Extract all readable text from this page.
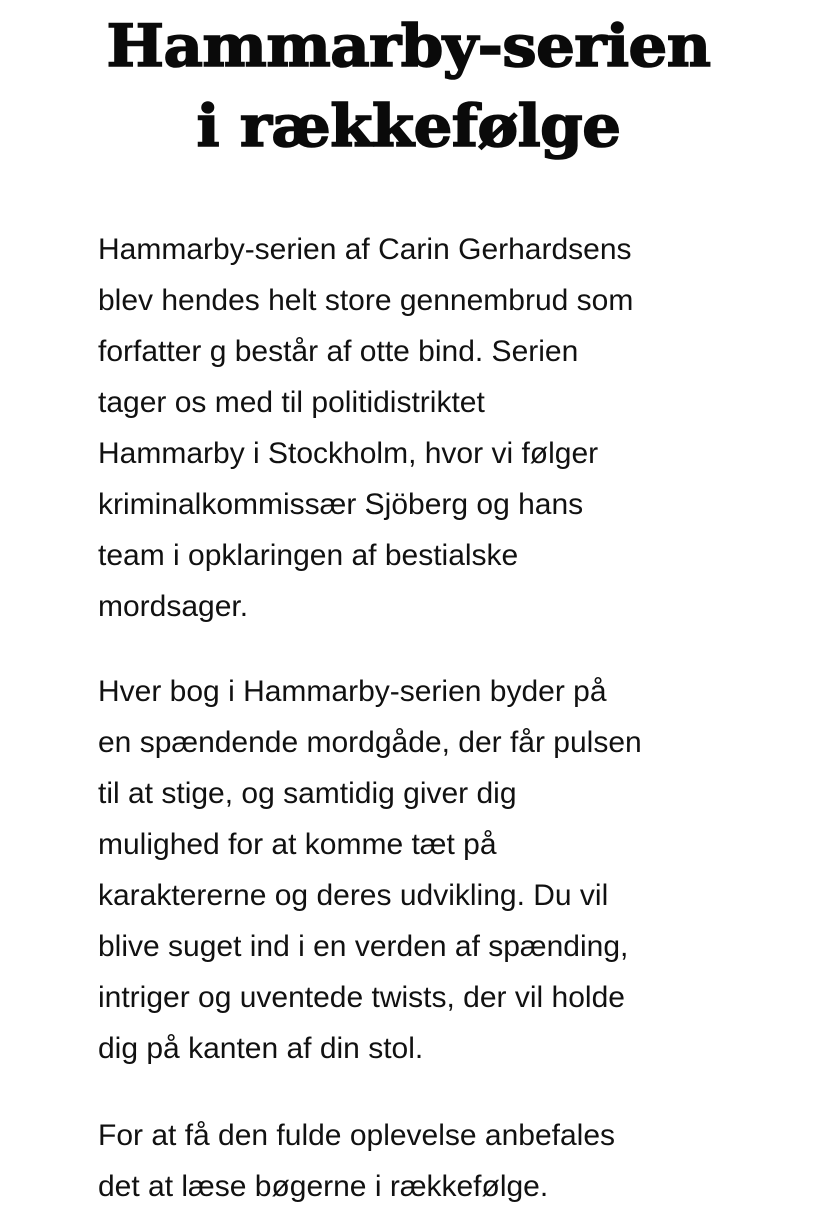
Hammarby-serien
i rækkefølge

Hammarby-serien af Carin Gerhardsens
blev hendes helt store gennembrud som
forfatter g består af otte bind. Serien
tager os med til politidistriktet
Hammarby i Stockholm, hvor vi følger
kriminalkommissær Sjöberg og hans
team i opklaringen af bestialske
mordsager.

Hver bog i Hammarby-serien byder på
en spændende mordgåde, der får pulsen
til at stige, og samtidig giver dig
mulighed for at komme tæt på
karaktererne og deres udvikling. Du vil
blive suget ind i en verden af spænding,
intriger og uventede twists, der vil holde
dig på kanten af din stol.

For at få den fulde oplevelse anbefales
det at læse bøgerne i rækkefølge.
